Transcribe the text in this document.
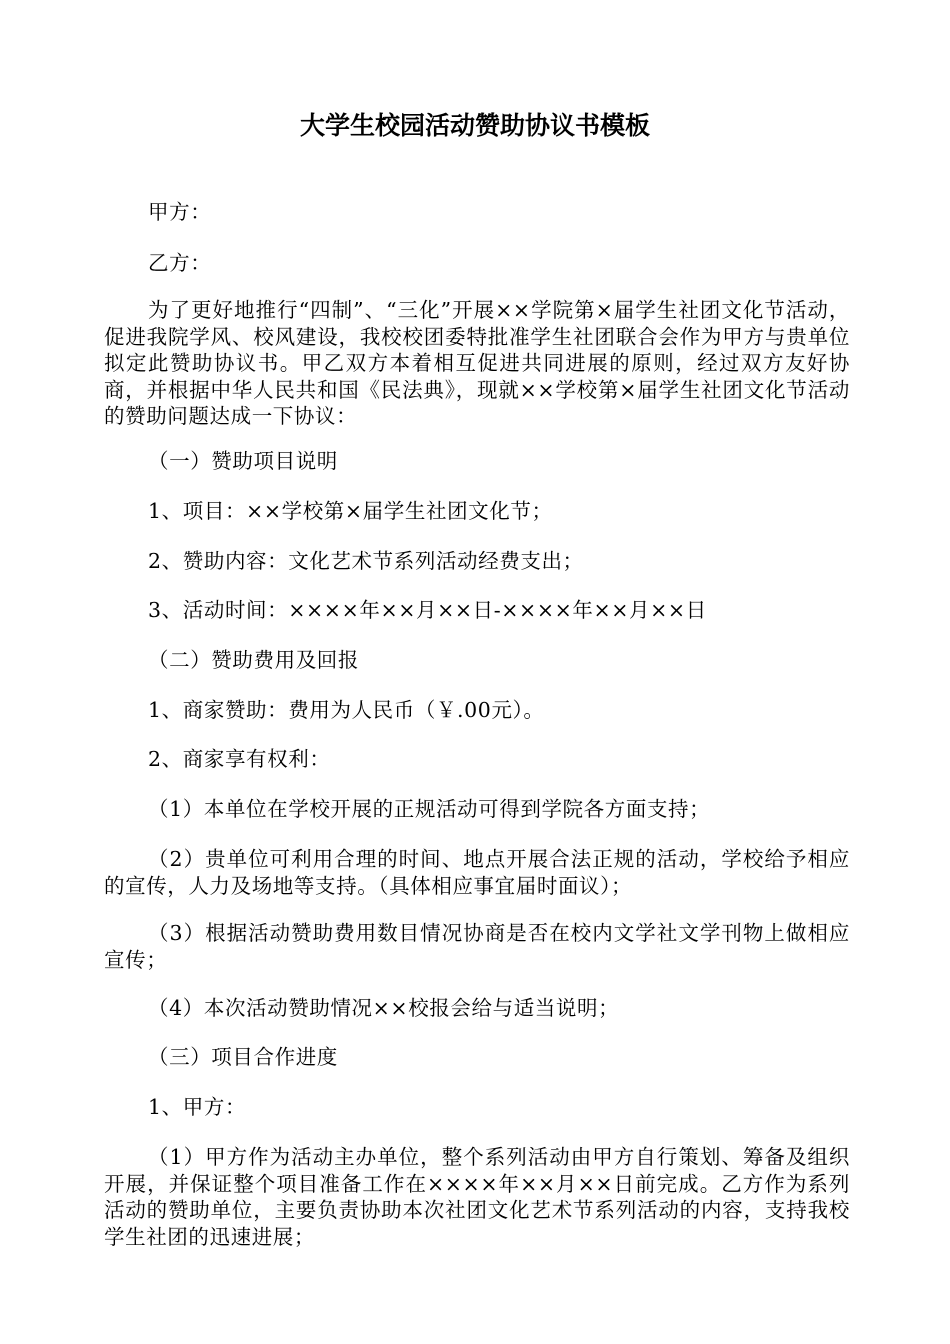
大学生校园活动赞助协议书模板

甲方：

乙方：

为了更好地推行“四制”、“三化”开展××学院第×届学生社团文化节活动，促进我院学风、校风建设，我校校团委特批准学生社团联合会作为甲方与贵单位拟定此赞助协议书。甲乙双方本着相互促进共同进展的原则，经过双方友好协商，并根据中华人民共和国《民法典》，现就××学校第×届学生社团文化节活动的赞助问题达成一下协议：

（一）赞助项目说明

1、项目：××学校第×届学生社团文化节；

2、赞助内容：文化艺术节系列活动经费支出；

3、活动时间：××××年××月××日-××××年××月××日

（二）赞助费用及回报

1、商家赞助：费用为人民币（￥.00元）。

2、商家享有权利：

（1）本单位在学校开展的正规活动可得到学院各方面支持；

（2）贵单位可利用合理的时间、地点开展合法正规的活动，学校给予相应的宣传，人力及场地等支持。（具体相应事宜届时面议）；

（3）根据活动赞助费用数目情况协商是否在校内文学社文学刊物上做相应宣传；

（4）本次活动赞助情况××校报会给与适当说明；

（三）项目合作进度

1、甲方：

（1）甲方作为活动主办单位，整个系列活动由甲方自行策划、筹备及组织开展，并保证整个项目准备工作在××××年××月××日前完成。乙方作为系列活动的赞助单位，主要负责协助本次社团文化艺术节系列活动的内容，支持我校学生社团的迅速进展；
